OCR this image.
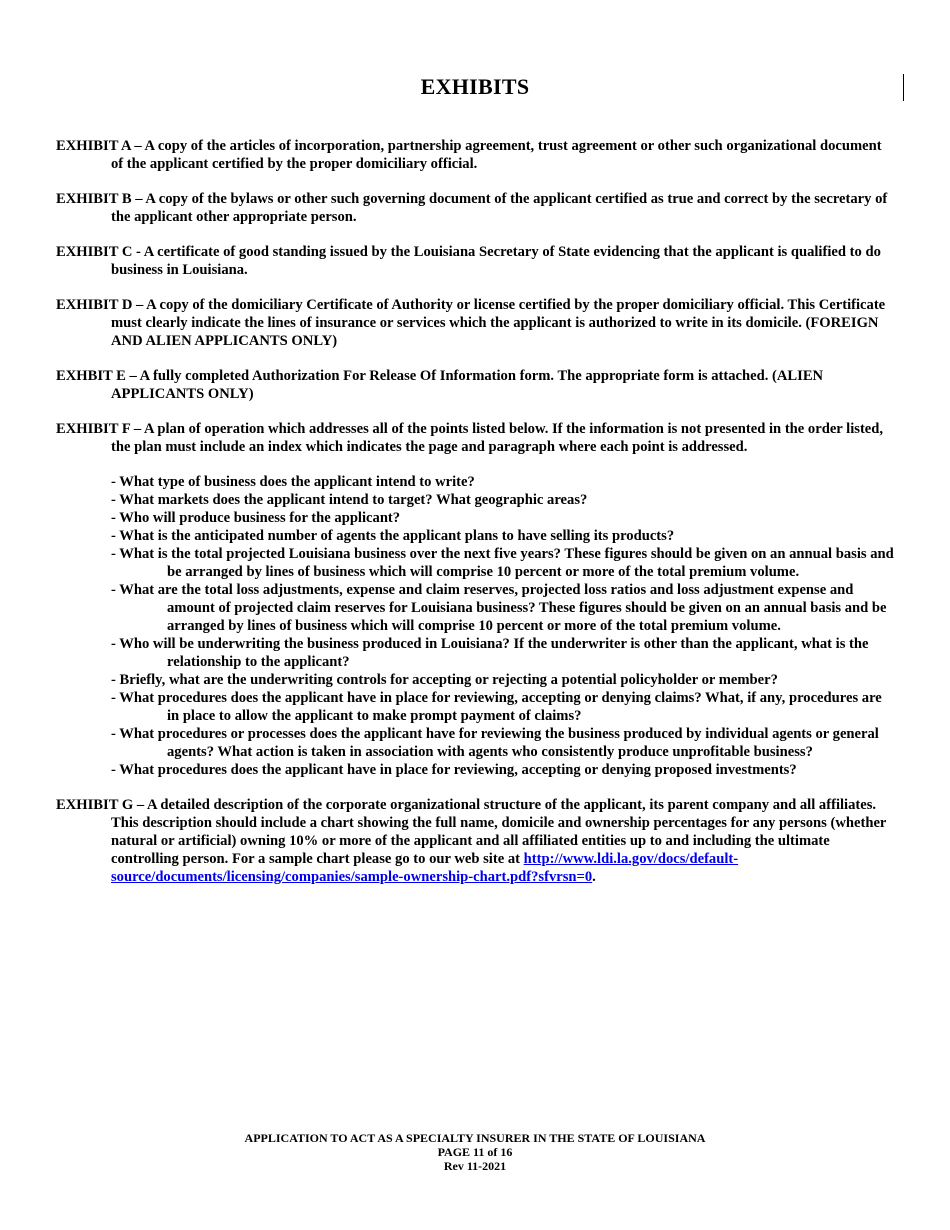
EXHIBITS

EXHIBIT A – A copy of the articles of incorporation, partnership agreement, trust agreement or other such organizational document of the applicant certified by the proper domiciliary official.

EXHIBIT B – A copy of the bylaws or other such governing document of the applicant certified as true and correct by the secretary of the applicant other appropriate person.

EXHIBIT C - A certificate of good standing issued by the Louisiana Secretary of State evidencing that the applicant is qualified to do business in Louisiana.

EXHIBIT D – A copy of the domiciliary Certificate of Authority or license certified by the proper domiciliary official. This Certificate must clearly indicate the lines of insurance or services which the applicant is authorized to write in its domicile. (FOREIGN AND ALIEN APPLICANTS ONLY)

EXHBIT E – A fully completed Authorization For Release Of Information form. The appropriate form is attached. (ALIEN APPLICANTS ONLY)

EXHIBIT F – A plan of operation which addresses all of the points listed below. If the information is not presented in the order listed, the plan must include an index which indicates the page and paragraph where each point is addressed.

- What type of business does the applicant intend to write?
- What markets does the applicant intend to target? What geographic areas?
- Who will produce business for the applicant?
- What is the anticipated number of agents the applicant plans to have selling its products?
- What is the total projected Louisiana business over the next five years? These figures should be given on an annual basis and be arranged by lines of business which will comprise 10 percent or more of the total premium volume.
- What are the total loss adjustments, expense and claim reserves, projected loss ratios and loss adjustment expense and amount of projected claim reserves for Louisiana business? These figures should be given on an annual basis and be arranged by lines of business which will comprise 10 percent or more of the total premium volume.
- Who will be underwriting the business produced in Louisiana? If the underwriter is other than the applicant, what is the relationship to the applicant?
- Briefly, what are the underwriting controls for accepting or rejecting a potential policyholder or member?
- What procedures does the applicant have in place for reviewing, accepting or denying claims? What, if any, procedures are in place to allow the applicant to make prompt payment of claims?
- What procedures or processes does the applicant have for reviewing the business produced by individual agents or general agents? What action is taken in association with agents who consistently produce unprofitable business?
- What procedures does the applicant have in place for reviewing, accepting or denying proposed investments?

EXHIBIT G – A detailed description of the corporate organizational structure of the applicant, its parent company and all affiliates. This description should include a chart showing the full name, domicile and ownership percentages for any persons (whether natural or artificial) owning 10% or more of the applicant and all affiliated entities up to and including the ultimate controlling person. For a sample chart please go to our web site at http://www.ldi.la.gov/docs/default-source/documents/licensing/companies/sample-ownership-chart.pdf?sfvrsn=0.

APPLICATION TO ACT AS A SPECIALTY INSURER IN THE STATE OF LOUISIANA
PAGE 11 of 16
Rev 11-2021
